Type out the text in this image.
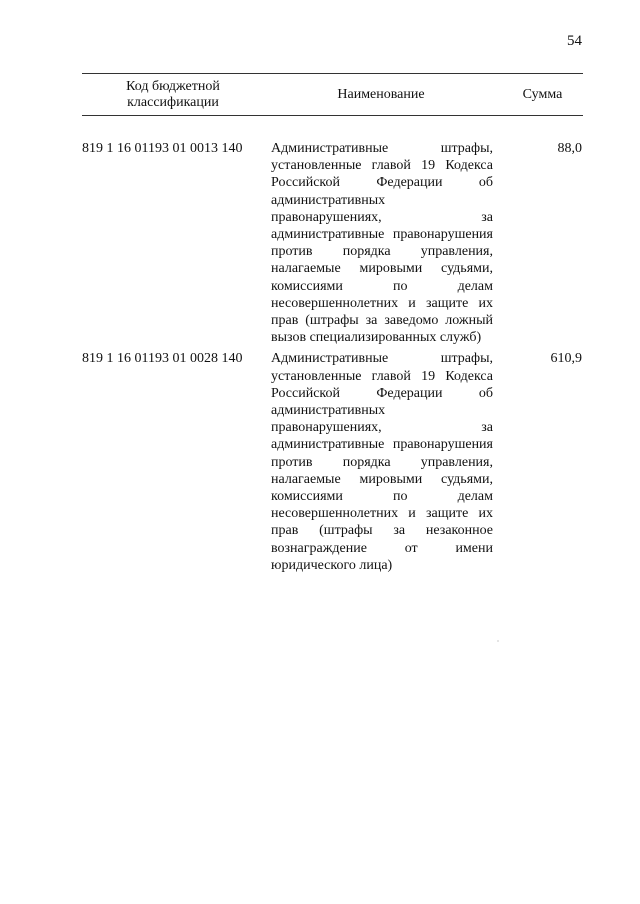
54
Код бюджетной классификации
Наименование	Сумма
819 1 16 01193 01 0013 140 Административные штрафы, установленные главой 19 Кодекса Российской Федерации об административных правонарушениях, за административные правонарушения против порядка управления, налагаемые мировыми судьями, комиссиями по делам несовершеннолетних и защите их прав (штрафы за заведомо ложный вызов специализированных служб)
88,0
819 1 16 01193 01 0028 140 Административные штрафы, установленные главой 19 Кодекса Российской Федерации об административных правонарушениях, за административные правонарушения против порядка управления, налагаемые мировыми судьями, комиссиями по делам несовершеннолетних и защите их прав (штрафы за незаконное вознаграждение от имени юридического лица)
610,9
